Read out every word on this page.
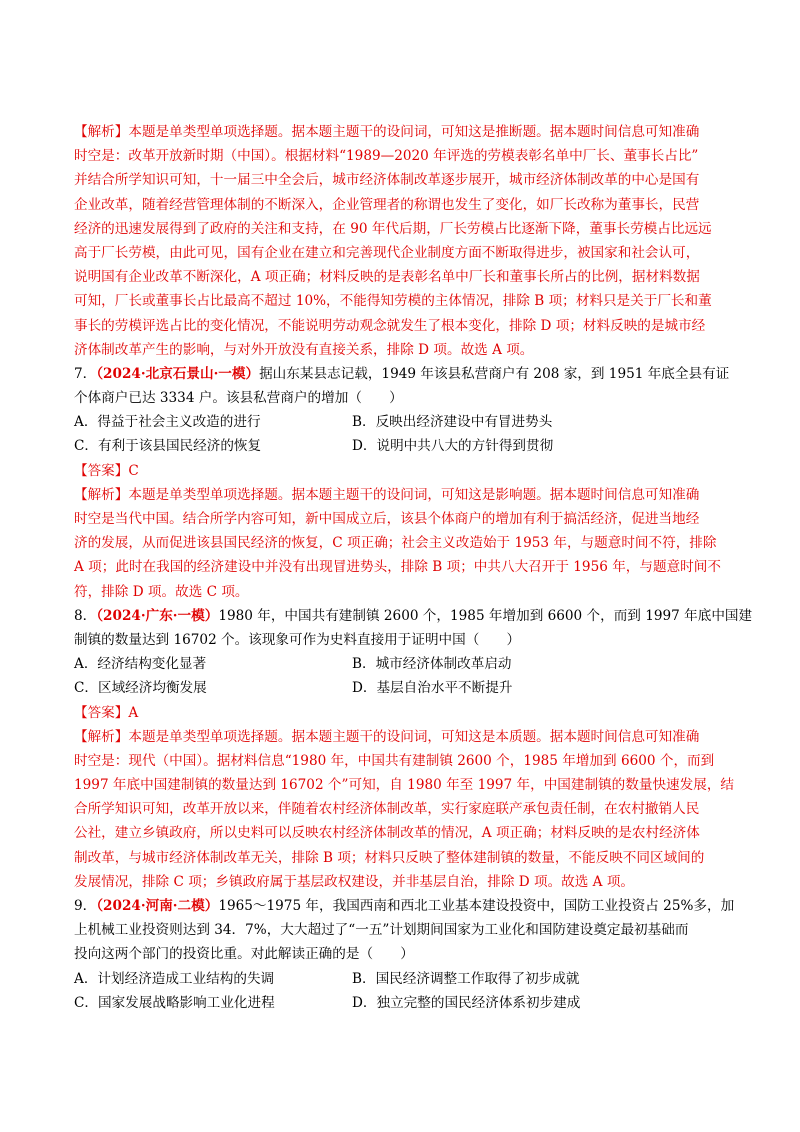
【解析】本题是单类型单项选择题。据本题主题干的设问词，可知这是推断题。据本题时间信息可知准确
时空是：改革开放新时期（中国）。根据材料“1989—2020 年评选的劳模表彰名单中厂长、董事长占比”
并结合所学知识可知，十一届三中全会后，城市经济体制改革逐步展开，城市经济体制改革的中心是国有
企业改革，随着经营管理体制的不断深入，企业管理者的称谓也发生了变化，如厂长改称为董事长，民营
经济的迅速发展得到了政府的关注和支持，在 90 年代后期，厂长劳模占比逐渐下降，董事长劳模占比远远
高于厂长劳模，由此可见，国有企业在建立和完善现代企业制度方面不断取得进步，被国家和社会认可，
说明国有企业改革不断深化，A 项正确；材料反映的是表彰名单中厂长和董事长所占的比例，据材料数据
可知，厂长或董事长占比最高不超过 10%，不能得知劳模的主体情况，排除 B 项；材料只是关于厂长和董
事长的劳模评选占比的变化情况，不能说明劳动观念就发生了根本变化，排除 D 项；材料反映的是城市经
济体制改革产生的影响，与对外开放没有直接关系，排除 D 项。故选 A 项。
7．（2024·北京石景山·一模）据山东某县志记载，1949 年该县私营商户有 208 家，到 1951 年底全县有证
个体商户已达 3334 户。该县私营商户的增加（　　）
A．得益于社会主义改造的进行	B．反映出经济建设中有冒进势头
C．有利于该县国民经济的恢复	D．说明中共八大的方针得到贯彻
【答案】C
【解析】本题是单类型单项选择题。据本题主题干的设问词，可知这是影响题。据本题时间信息可知准确
时空是当代中国。结合所学内容可知，新中国成立后，该县个体商户的增加有利于搞活经济，促进当地经
济的发展，从而促进该县国民经济的恢复，C 项正确；社会主义改造始于 1953 年，与题意时间不符，排除
A 项；此时在我国的经济建设中并没有出现冒进势头，排除 B 项；中共八大召开于 1956 年，与题意时间不
符，排除 D 项。故选 C 项。
8．（2024·广东·一模）1980 年，中国共有建制镇 2600 个，1985 年增加到 6600 个，而到 1997 年底中国建
制镇的数量达到 16702 个。该现象可作为史料直接用于证明中国（　　）
A．经济结构变化显著	B．城市经济体制改革启动
C．区域经济均衡发展	D．基层自治水平不断提升
【答案】A
【解析】本题是单类型单项选择题。据本题主题干的设问词，可知这是本质题。据本题时间信息可知准确
时空是：现代（中国）。据材料信息“1980 年，中国共有建制镇 2600 个，1985 年增加到 6600 个，而到
1997 年底中国建制镇的数量达到 16702 个”可知，自 1980 年至 1997 年，中国建制镇的数量快速发展，结
合所学知识可知，改革开放以来，伴随着农村经济体制改革，实行家庭联产承包责任制，在农村撤销人民
公社，建立乡镇政府，所以史料可以反映农村经济体制改革的情况，A 项正确；材料反映的是农村经济体
制改革，与城市经济体制改革无关，排除 B 项；材料只反映了整体建制镇的数量，不能反映不同区域间的
发展情况，排除 C 项；乡镇政府属于基层政权建设，并非基层自治，排除 D 项。故选 A 项。
9．（2024·河南·二模）1965～1975 年，我国西南和西北工业基本建设投资中，国防工业投资占 25%多，加
上机械工业投资则达到 34．7%，大大超过了“一五”计划期间国家为工业化和国防建设奠定最初基础而
投向这两个部门的投资比重。对此解读正确的是（　　）
A．计划经济造成工业结构的失调	B．国民经济调整工作取得了初步成就
C．国家发展战略影响工业化进程	D．独立完整的国民经济体系初步建成
